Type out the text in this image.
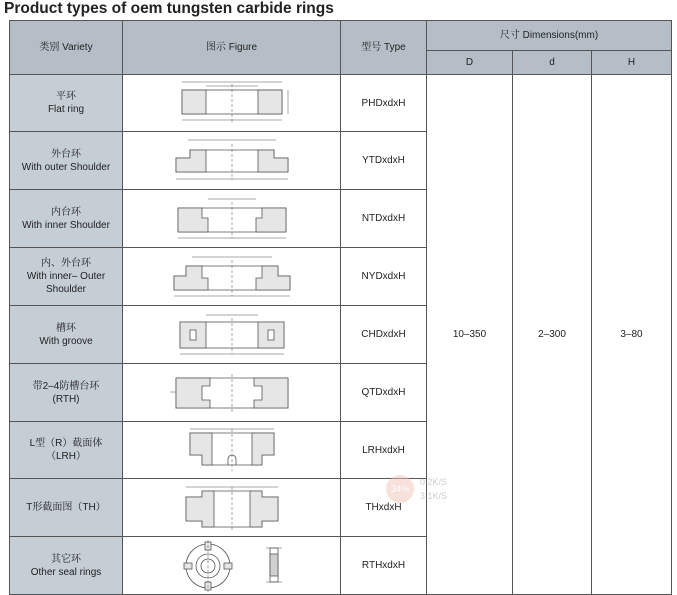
Product types of oem tungsten carbide rings
类别 Variety	图示 Figure	型号 Type	尺寸 Dimensions(mm)		
			D	d	H

平环
Flat ring		PHDxdxH	10–350	2–300	3–80

外台环
With outer Shoulder		YTDxdxH			

内台环
With inner Shoulder		NTDxdxH			

内、外台环
With inner– Outer Shoulder		NYDxdxH			

槽环
With groove		CHDxdxH			

带2–4防槽台环
(RTH)		QTDxdxH			

L型（R）截面体
（LRH）		LRHxdxH			

T形截面图（TH）		THxdxH			

其它环
Other seal rings		RTHxdxH			
34%
0.2K/S
3.1K/S
